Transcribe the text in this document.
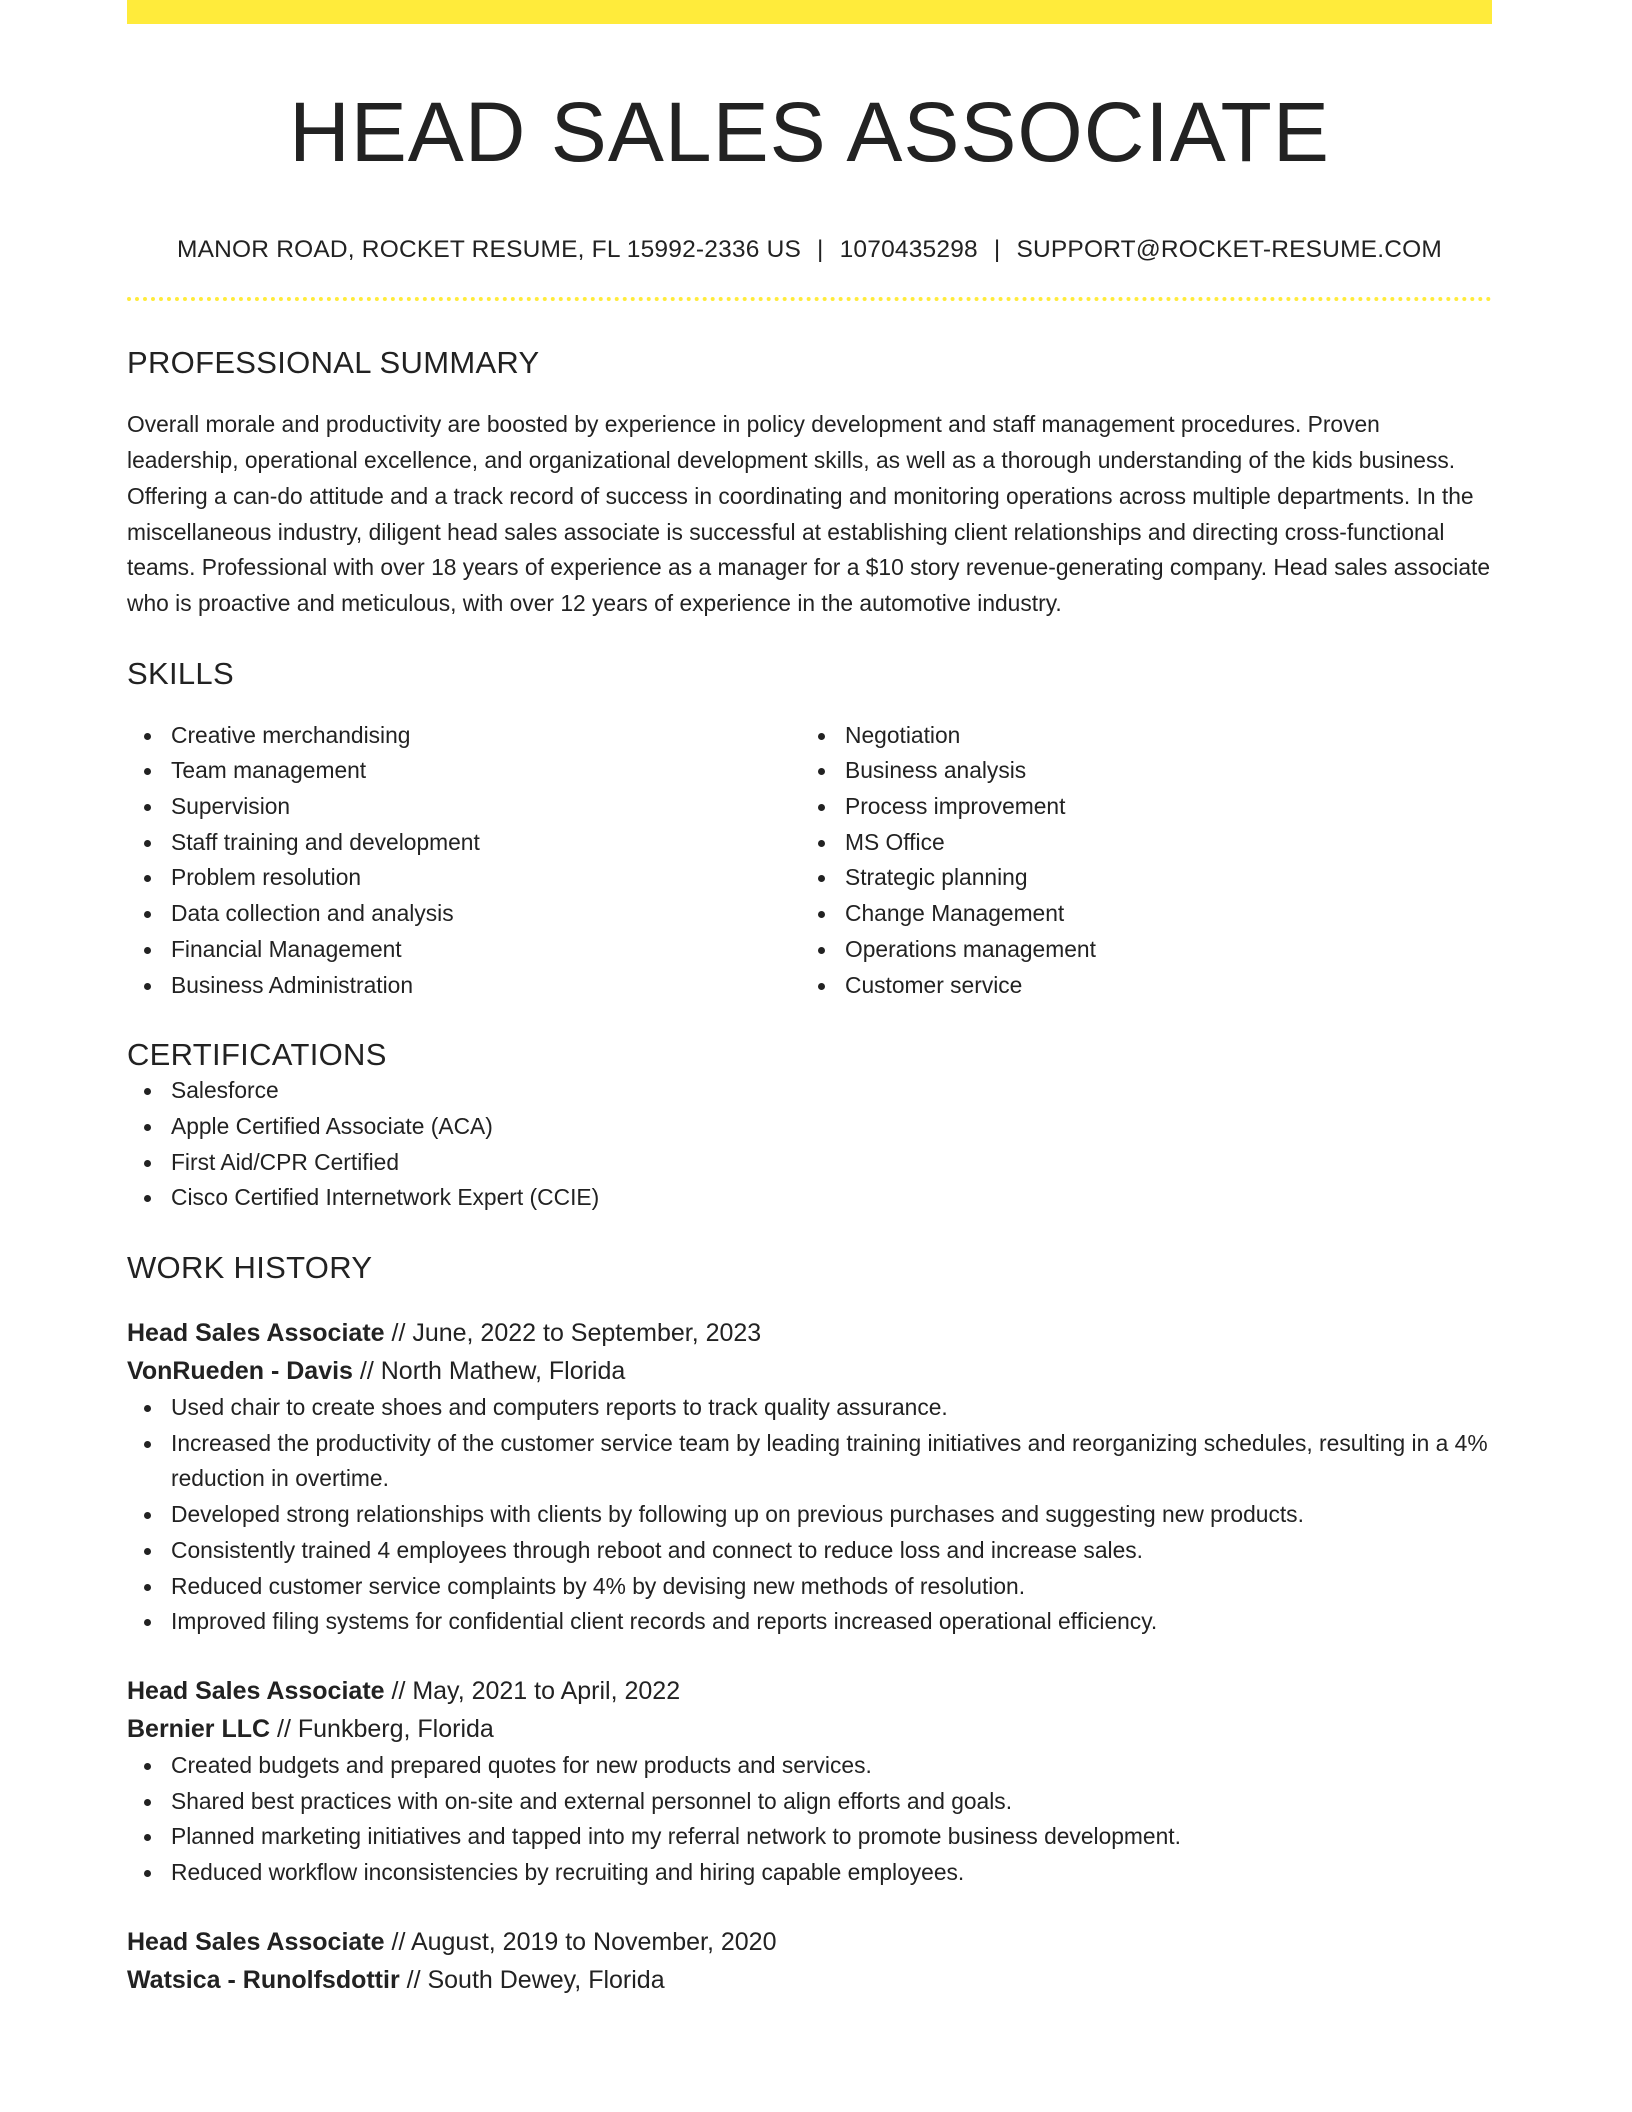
HEAD SALES ASSOCIATE
MANOR ROAD, ROCKET RESUME, FL 15992-2336 US | 1070435298 | SUPPORT@ROCKET-RESUME.COM
PROFESSIONAL SUMMARY

Overall morale and productivity are boosted by experience in policy development and staff management procedures. Proven leadership, operational excellence, and organizational development skills, as well as a thorough understanding of the kids business. Offering a can-do attitude and a track record of success in coordinating and monitoring operations across multiple departments. In the miscellaneous industry, diligent head sales associate is successful at establishing client relationships and directing cross-functional teams. Professional with over 18 years of experience as a manager for a $10 story revenue-generating company. Head sales associate who is proactive and meticulous, with over 12 years of experience in the automotive industry.

SKILLS
Creative merchandising
Team management
Supervision
Staff training and development
Problem resolution
Data collection and analysis
Financial Management
Business Administration
Negotiation
Business analysis
Process improvement
MS Office
Strategic planning
Change Management
Operations management
Customer service
CERTIFICATIONS
Salesforce
Apple Certified Associate (ACA)
First Aid/CPR Certified
Cisco Certified Internetwork Expert (CCIE)
WORK HISTORY
Head Sales Associate // June, 2022 to September, 2023
VonRueden - Davis // North Mathew, Florida
Used chair to create shoes and computers reports to track quality assurance.
Increased the productivity of the customer service team by leading training initiatives and reorganizing schedules, resulting in a 4% reduction in overtime.
Developed strong relationships with clients by following up on previous purchases and suggesting new products.
Consistently trained 4 employees through reboot and connect to reduce loss and increase sales.
Reduced customer service complaints by 4% by devising new methods of resolution.
Improved filing systems for confidential client records and reports increased operational efficiency.
Head Sales Associate // May, 2021 to April, 2022
Bernier LLC // Funkberg, Florida
Created budgets and prepared quotes for new products and services.
Shared best practices with on-site and external personnel to align efforts and goals.
Planned marketing initiatives and tapped into my referral network to promote business development.
Reduced workflow inconsistencies by recruiting and hiring capable employees.
Head Sales Associate // August, 2019 to November, 2020
Watsica - Runolfsdottir // South Dewey, Florida
